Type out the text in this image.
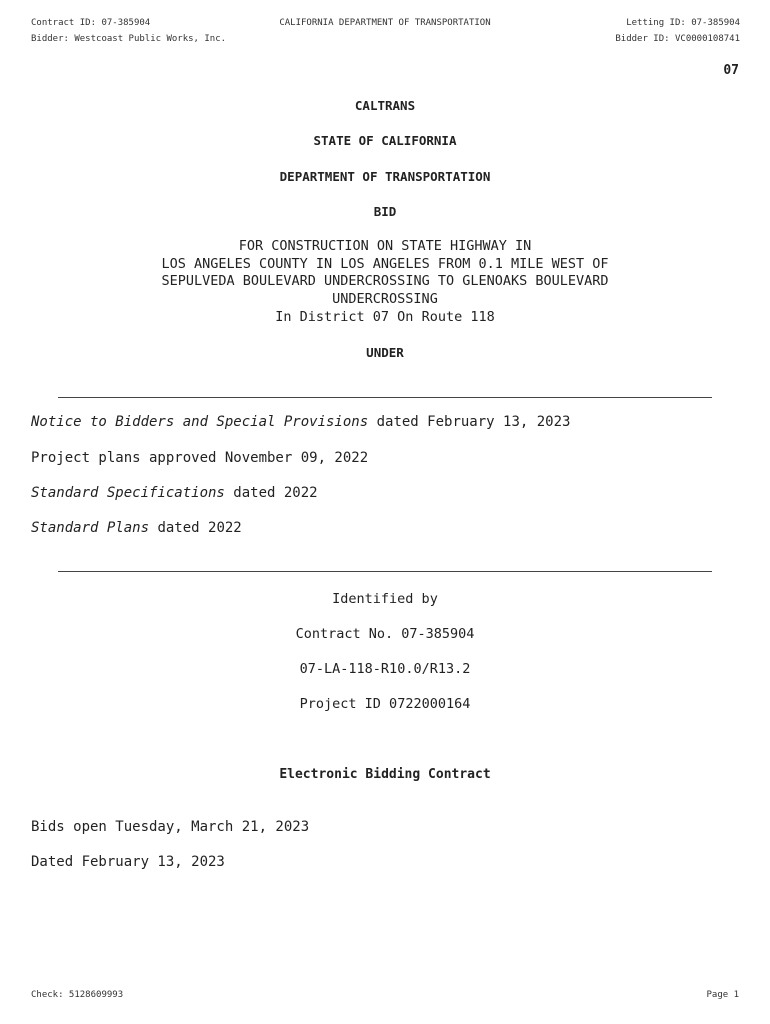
Contract ID: 07-385904
Bidder: Westcoast Public Works, Inc.
CALIFORNIA DEPARTMENT OF TRANSPORTATION	Letting ID: 07-385904
Bidder ID: VC0000108741
07
CALTRANS
STATE OF CALIFORNIA
DEPARTMENT OF TRANSPORTATION
BID
FOR CONSTRUCTION ON STATE HIGHWAY IN
LOS ANGELES COUNTY IN LOS ANGELES FROM 0.1 MILE WEST OF
SEPULVEDA BOULEVARD UNDERCROSSING TO GLENOAKS BOULEVARD
UNDERCROSSING
In District 07 On Route 118
UNDER
Notice to Bidders and Special Provisions dated February 13, 2023
Project plans approved November 09, 2022
Standard Specifications dated 2022
Standard Plans dated 2022
Identified by
Contract No. 07-385904
07-LA-118-R10.0/R13.2
Project ID 0722000164
Electronic Bidding Contract
Bids open Tuesday, March 21, 2023
Dated February 13, 2023
Check: 5128609993	Page 1
